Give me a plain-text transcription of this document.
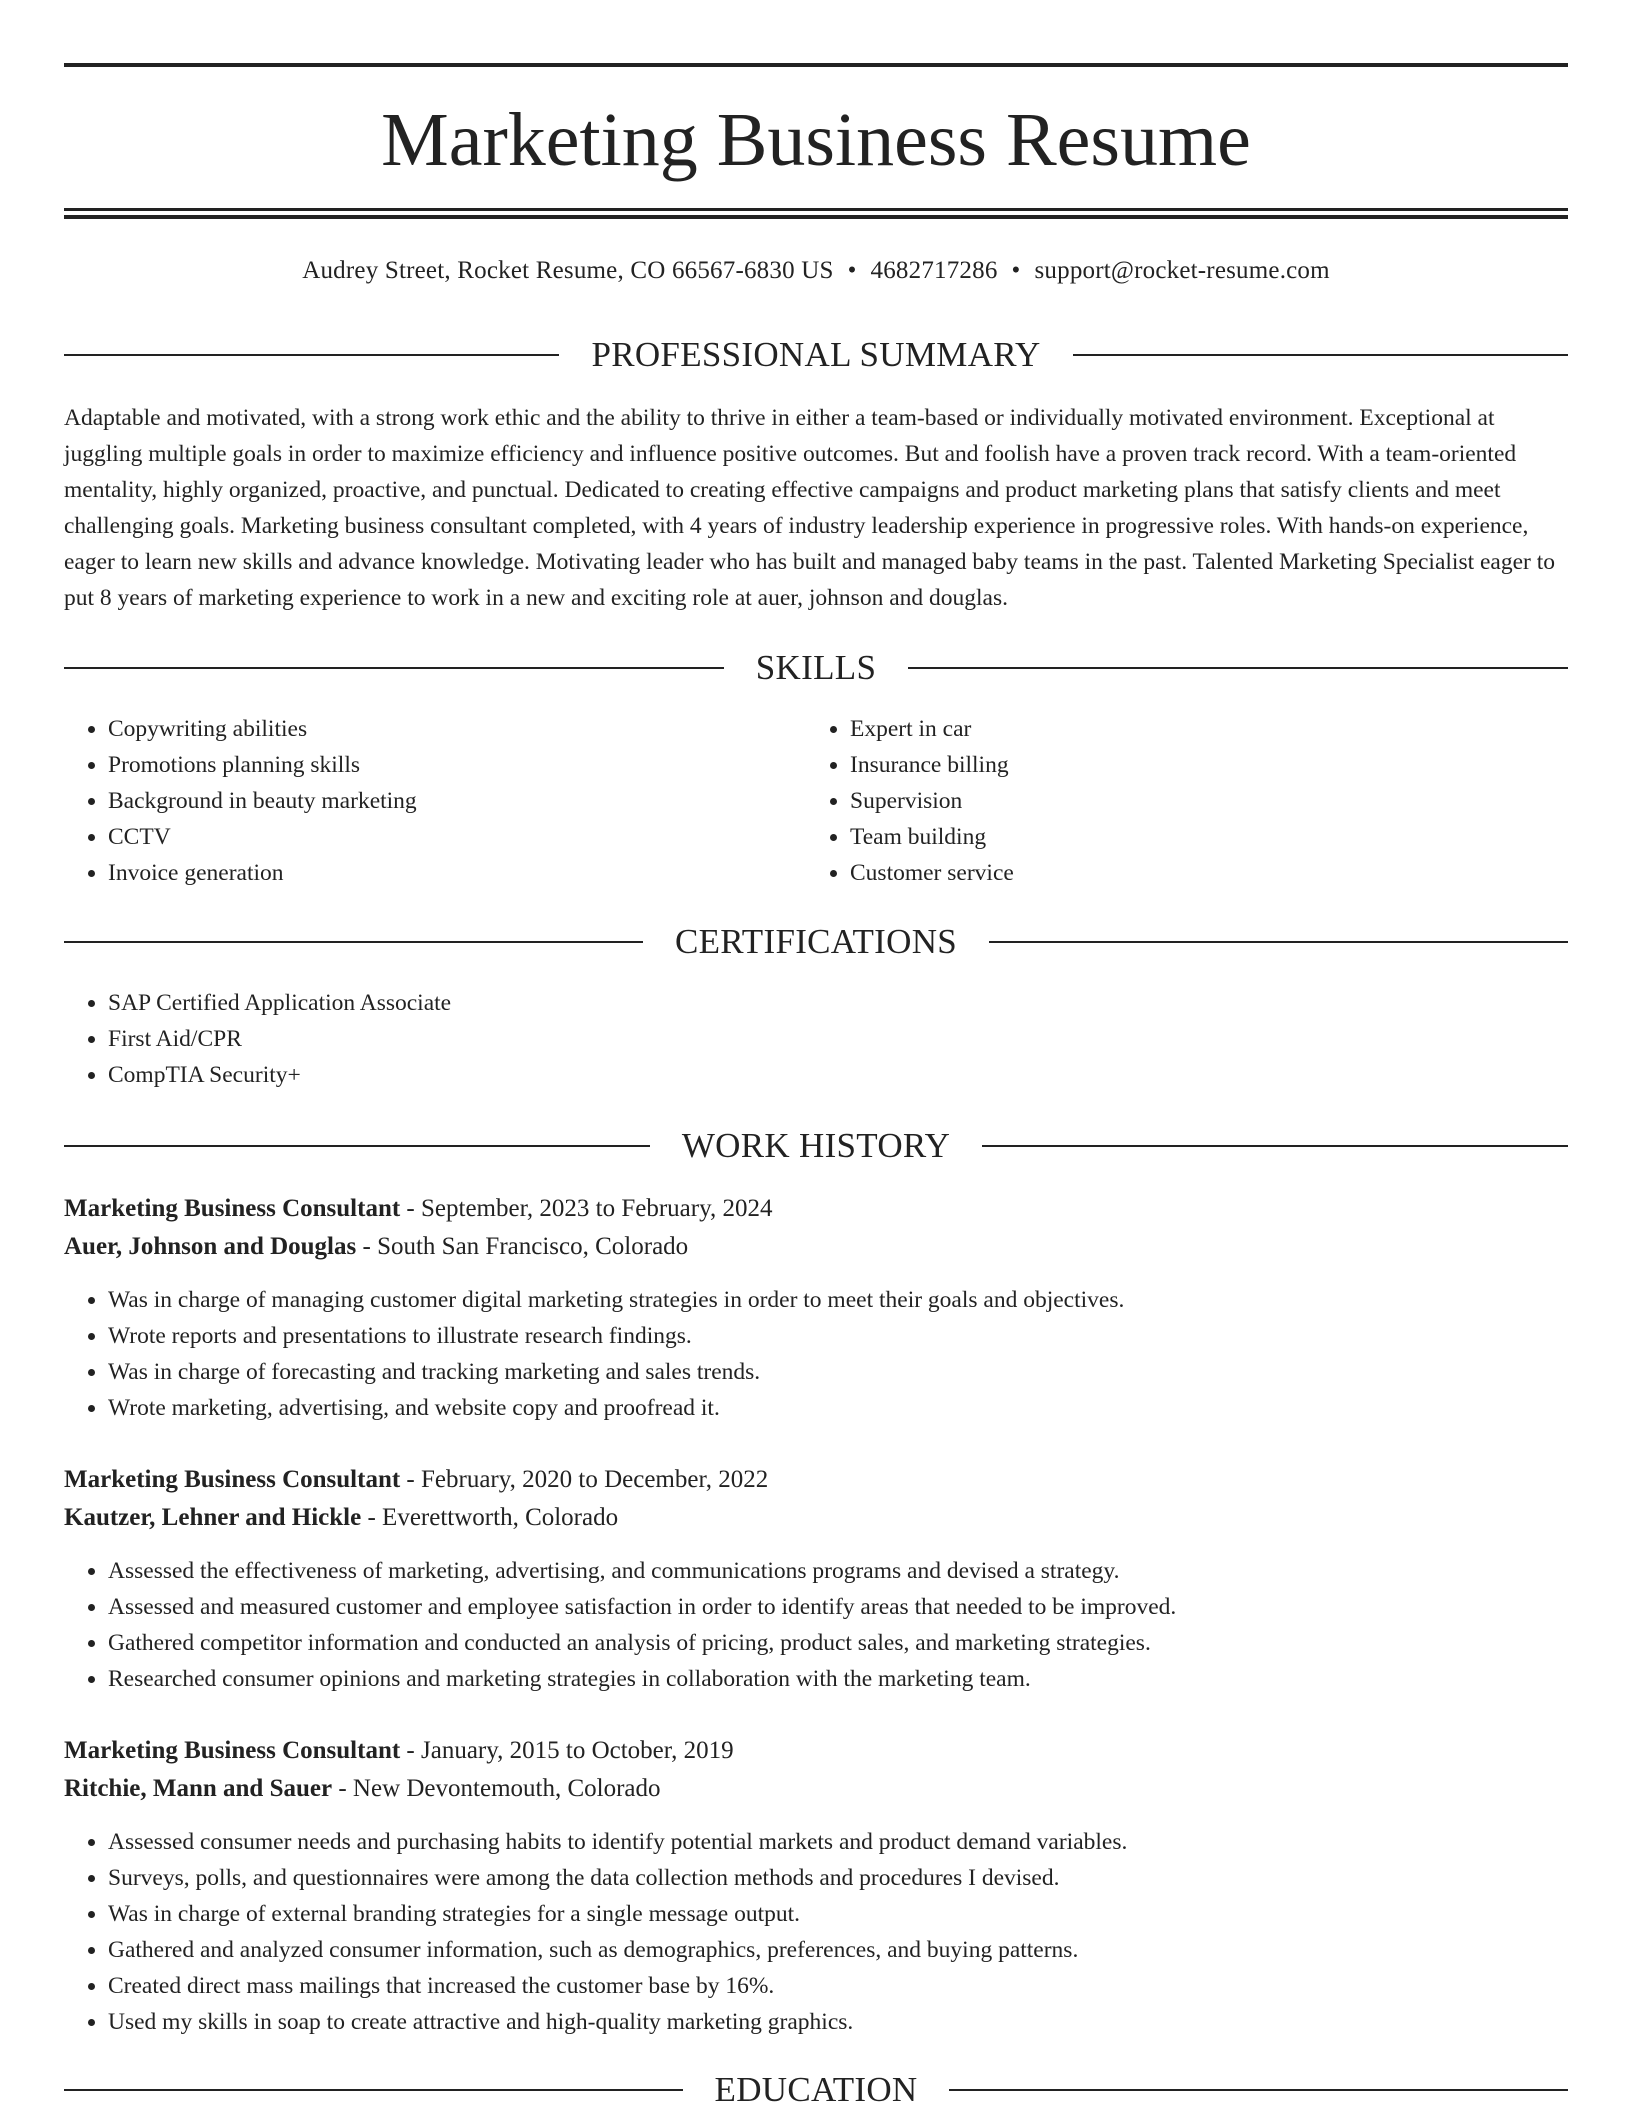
Marketing Business Resume
Audrey Street, Rocket Resume, CO 66567-6830 US • 4682717286 • support@rocket-resume.com
PROFESSIONAL SUMMARY

Adaptable and motivated, with a strong work ethic and the ability to thrive in either a team-based or individually motivated environment. Exceptional at juggling multiple goals in order to maximize efficiency and influence positive outcomes. But and foolish have a proven track record. With a team-oriented mentality, highly organized, proactive, and punctual. Dedicated to creating effective campaigns and product marketing plans that satisfy clients and meet challenging goals. Marketing business consultant completed, with 4 years of industry leadership experience in progressive roles. With hands-on experience, eager to learn new skills and advance knowledge. Motivating leader who has built and managed baby teams in the past. Talented Marketing Specialist eager to put 8 years of marketing experience to work in a new and exciting role at auer, johnson and douglas.

SKILLS
• Copywriting abilities
• Promotions planning skills
• Background in beauty marketing
• CCTV
• Invoice generation
• Expert in car
• Insurance billing
• Supervision
• Team building
• Customer service
CERTIFICATIONS
• SAP Certified Application Associate
• First Aid/CPR
• CompTIA Security+
WORK HISTORY
Marketing Business Consultant - September, 2023 to February, 2024
Auer, Johnson and Douglas - South San Francisco, Colorado
• Was in charge of managing customer digital marketing strategies in order to meet their goals and objectives.
• Wrote reports and presentations to illustrate research findings.
• Was in charge of forecasting and tracking marketing and sales trends.
• Wrote marketing, advertising, and website copy and proofread it.
Marketing Business Consultant - February, 2020 to December, 2022
Kautzer, Lehner and Hickle - Everettworth, Colorado
• Assessed the effectiveness of marketing, advertising, and communications programs and devised a strategy.
• Assessed and measured customer and employee satisfaction in order to identify areas that needed to be improved.
• Gathered competitor information and conducted an analysis of pricing, product sales, and marketing strategies.
• Researched consumer opinions and marketing strategies in collaboration with the marketing team.
Marketing Business Consultant - January, 2015 to October, 2019
Ritchie, Mann and Sauer - New Devontemouth, Colorado
• Assessed consumer needs and purchasing habits to identify potential markets and product demand variables.
• Surveys, polls, and questionnaires were among the data collection methods and procedures I devised.
• Was in charge of external branding strategies for a single message output.
• Gathered and analyzed consumer information, such as demographics, preferences, and buying patterns.
• Created direct mass mailings that increased the customer base by 16%.
• Used my skills in soap to create attractive and high-quality marketing graphics.
EDUCATION
